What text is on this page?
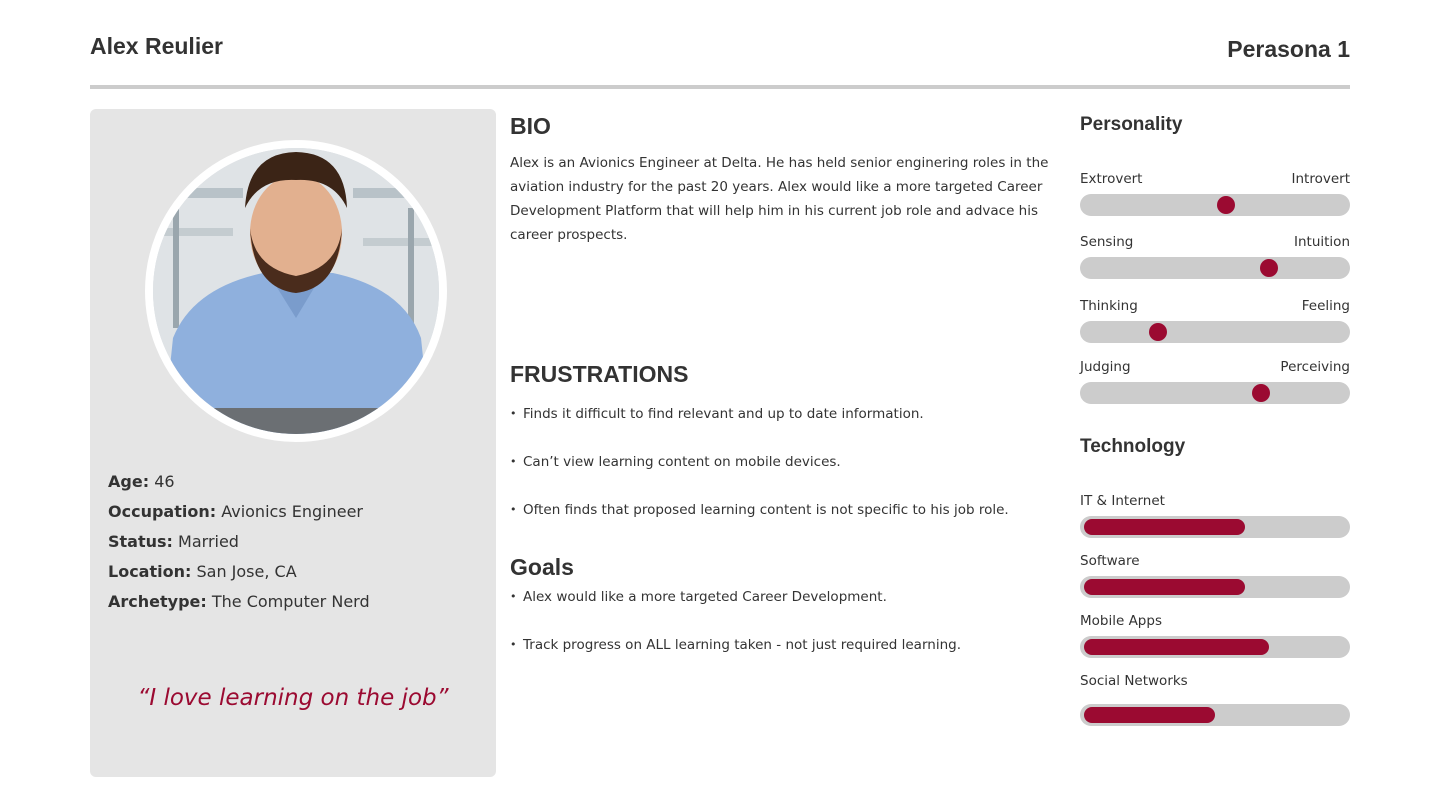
Alex Reulier	Perasona 1
Age: 46
Occupation: Avionics Engineer
Status: Married
Location: San Jose, CA
Archetype: The Computer Nerd
“I love learning on the job”
BIO

Alex is an Avionics Engineer at Delta. He has held senior enginering roles in the aviation industry for the past 20 years. Alex would like a more targeted Career Development Platform that will help him in his current job role and advace his career prospects.

FRUSTRATIONS
• Finds it difficult to find relevant and up to date information.
• Can’t view learning content on mobile devices.
• Often finds that proposed learning content is not specific to his job role.
Goals
• Alex would like a more targeted Career Development.
• Track progress on ALL learning taken - not just required learning.
Personality
Extrovert	Introvert
Sensing	Intuition
Thinking	Feeling
Judging	Perceiving
Technology
IT & Internet
Software
Mobile Apps
Social Networks
